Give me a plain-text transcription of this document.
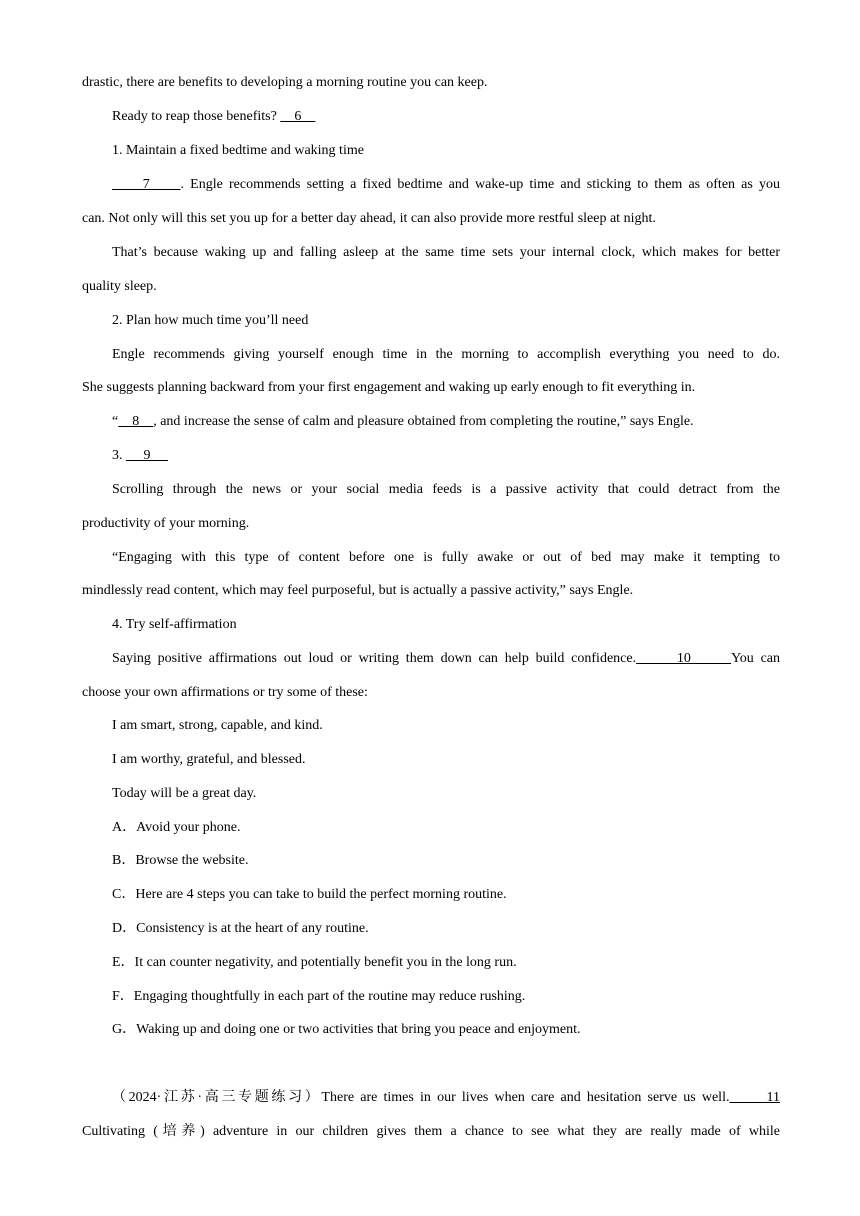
drastic, there are benefits to developing a morning routine you can keep.
Ready to reap those benefits?     6
1. Maintain a fixed bedtime and waking time
7     . Engle recommends setting a fixed bedtime and wake-up time and sticking to them as often as you
can. Not only will this set you up for a better day ahead, it can also provide more restful sleep at night.
That’s because waking up and falling asleep at the same time sets your internal clock, which makes for better
quality sleep.
2. Plan how much time you’ll need
Engle recommends giving yourself enough time in the morning to accomplish everything you need to do.
She suggests planning backward from your first engagement and waking up early enough to fit everything in.
“    8    , and increase the sense of calm and pleasure obtained from completing the routine,” says Engle.
3.      9
Scrolling through the news or your social media feeds is a passive activity that could detract from the
productivity of your morning.
“Engaging with this type of content before one is fully awake or out of bed may make it tempting to
mindlessly read content, which may feel purposeful, but is actually a passive activity,” says Engle.
4. Try self-affirmation
Saying positive affirmations out loud or writing them down can help build confidence.      10      You can
choose your own affirmations or try some of these:
I am smart, strong, capable, and kind.
I am worthy, grateful, and blessed.
Today will be a great day.
A．Avoid your phone.
B．Browse the website.
C．Here are 4 steps you can take to build the perfect morning routine.
D．Consistency is at the heart of any routine.
E．It can counter negativity, and potentially benefit you in the long run.
F．Engaging thoughtfully in each part of the routine may reduce rushing.
G．Waking up and doing one or two activities that bring you peace and enjoyment.
（2024·江苏·高三专题练习）There are times in our lives when care and hesitation serve us well.      11
Cultivating (培养) adventure in our children gives them a chance to see what they are really made of while
